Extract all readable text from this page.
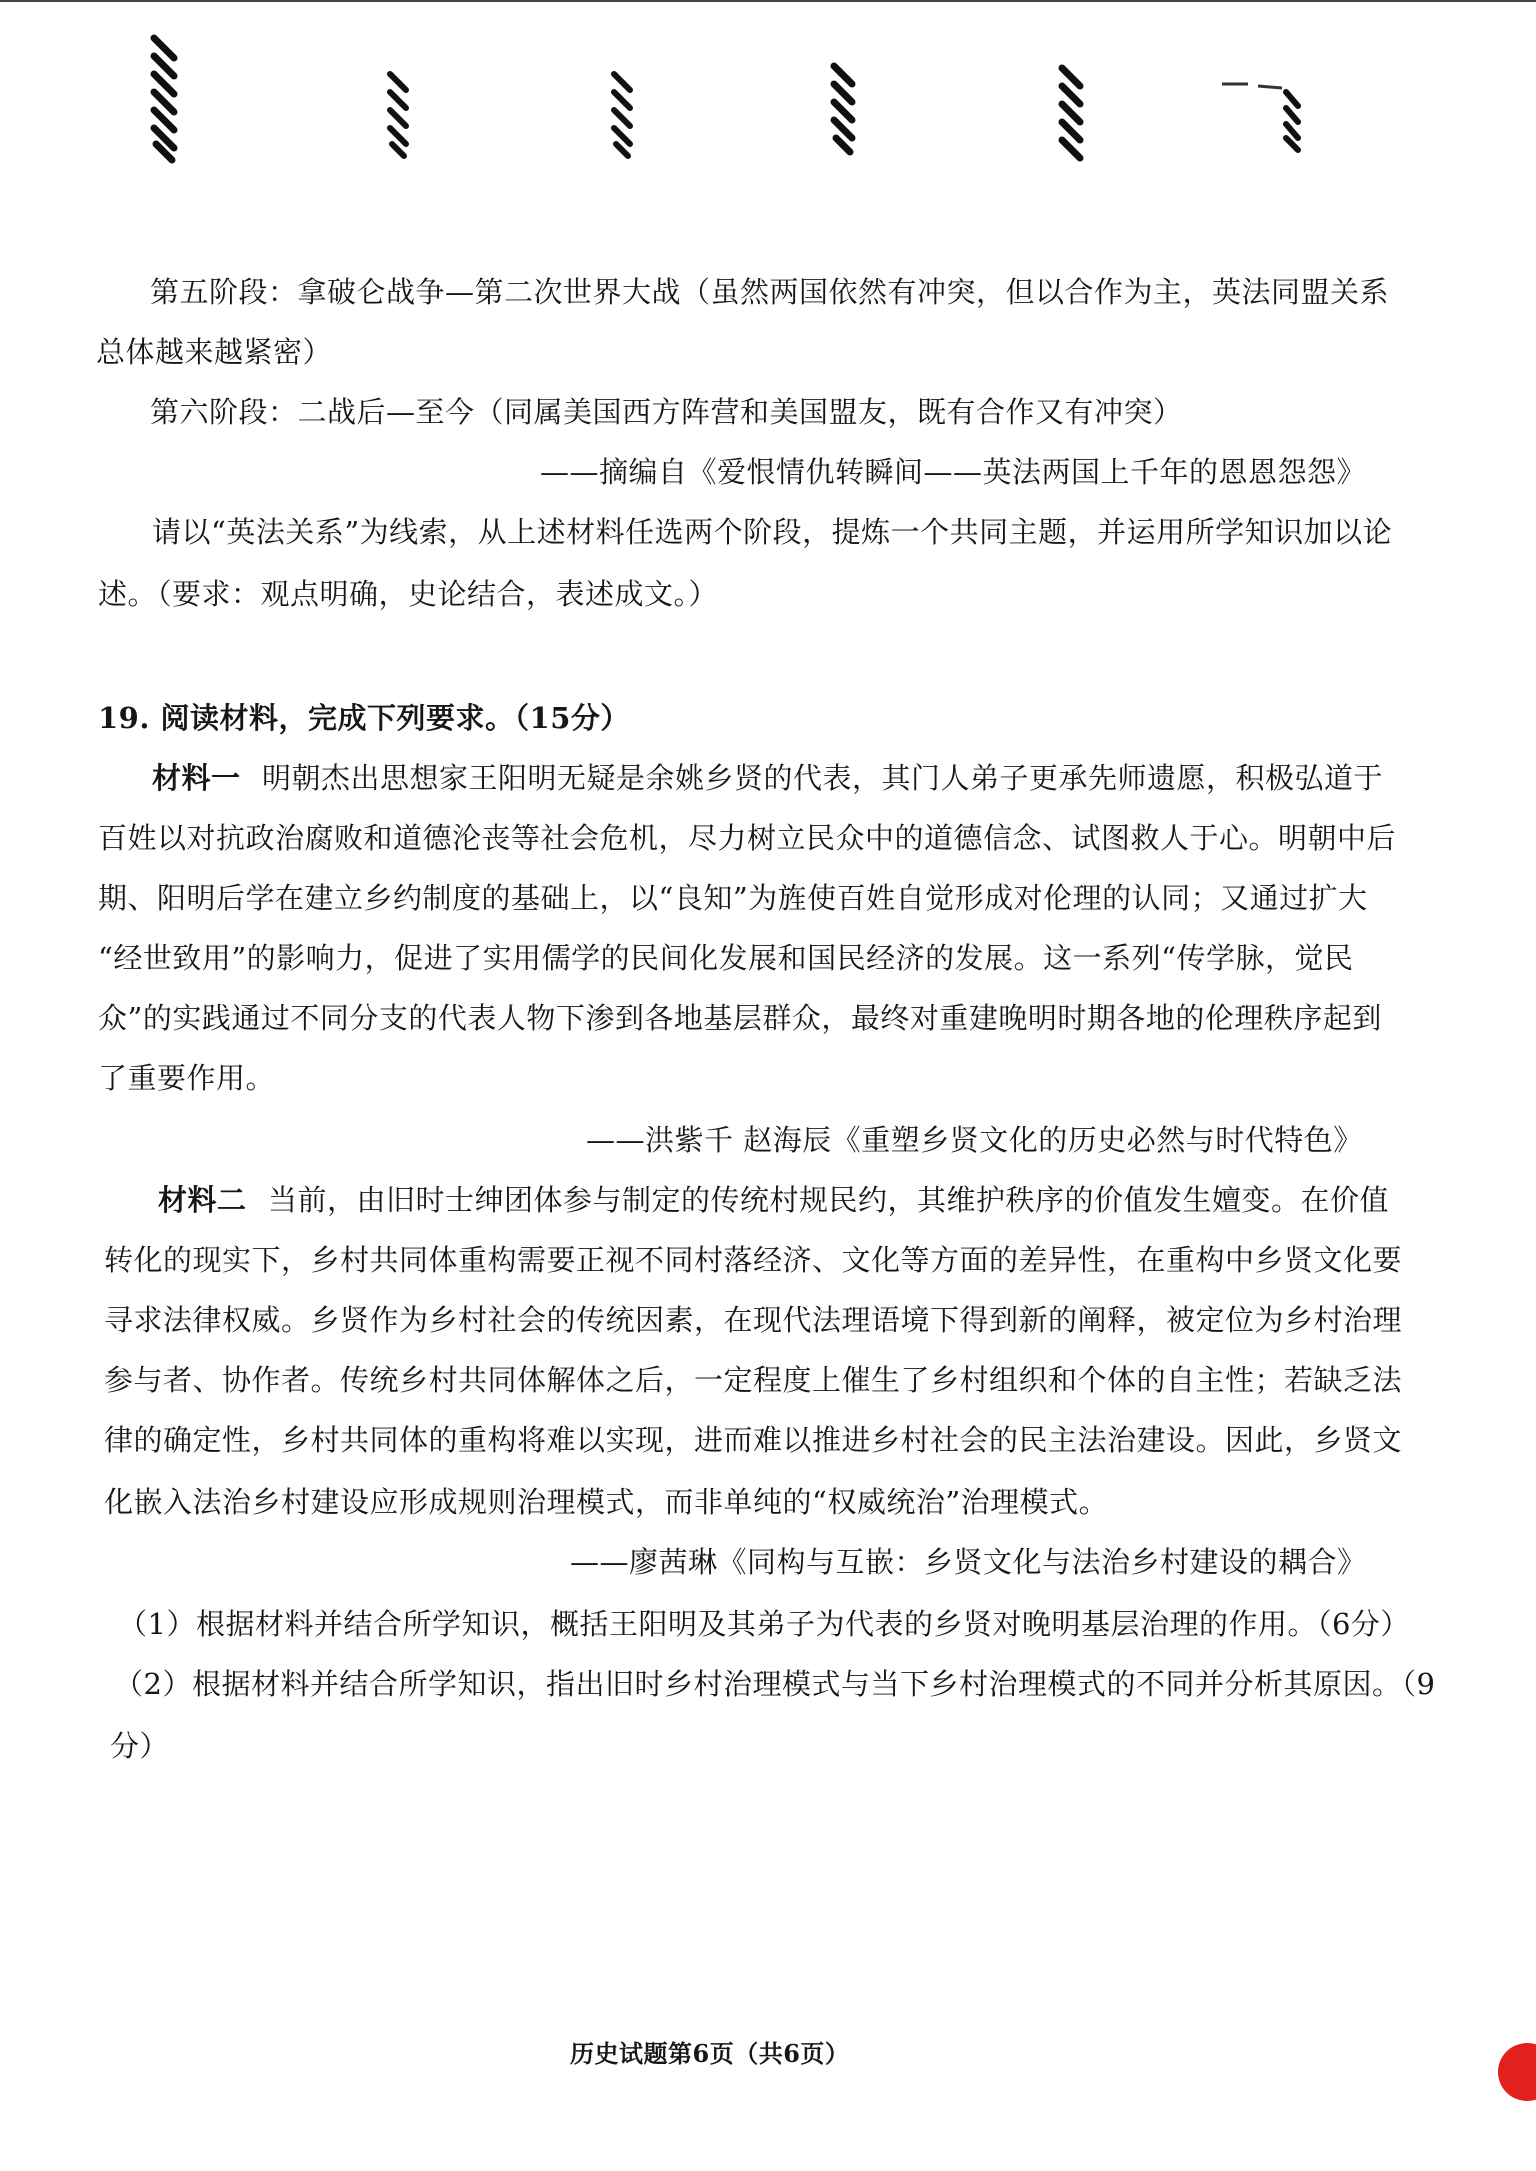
第五阶段：拿破仑战争—第二次世界大战（虽然两国依然有冲突，但以合作为主，英法同盟关系
总体越来越紧密）
第六阶段：二战后—至今（同属美国西方阵营和美国盟友，既有合作又有冲突）
——摘编自《爱恨情仇转瞬间——英法两国上千年的恩恩怨怨》
请以“英法关系”为线索，从上述材料任选两个阶段，提炼一个共同主题，并运用所学知识加以论
述。（要求：观点明确，史论结合，表述成文。）
19. 阅读材料，完成下列要求。（15分）
材料一 明朝杰出思想家王阳明无疑是余姚乡贤的代表，其门人弟子更承先师遗愿，积极弘道于
百姓以对抗政治腐败和道德沦丧等社会危机，尽力树立民众中的道德信念、试图救人于心。明朝中后
期、阳明后学在建立乡约制度的基础上，以“良知”为旌使百姓自觉形成对伦理的认同；又通过扩大
“经世致用”的影响力，促进了实用儒学的民间化发展和国民经济的发展。这一系列“传学脉，觉民
众”的实践通过不同分支的代表人物下渗到各地基层群众，最终对重建晚明时期各地的伦理秩序起到
了重要作用。
——洪紫千 赵海辰《重塑乡贤文化的历史必然与时代特色》
材料二 当前，由旧时士绅团体参与制定的传统村规民约，其维护秩序的价值发生嬗变。在价值
转化的现实下，乡村共同体重构需要正视不同村落经济、文化等方面的差异性，在重构中乡贤文化要
寻求法律权威。乡贤作为乡村社会的传统因素，在现代法理语境下得到新的阐释，被定位为乡村治理
参与者、协作者。传统乡村共同体解体之后，一定程度上催生了乡村组织和个体的自主性；若缺乏法
律的确定性，乡村共同体的重构将难以实现，进而难以推进乡村社会的民主法治建设。因此，乡贤文
化嵌入法治乡村建设应形成规则治理模式，而非单纯的“权威统治”治理模式。
——廖茜琳《同构与互嵌：乡贤文化与法治乡村建设的耦合》
（1）根据材料并结合所学知识，概括王阳明及其弟子为代表的乡贤对晚明基层治理的作用。（6分）
（2）根据材料并结合所学知识，指出旧时乡村治理模式与当下乡村治理模式的不同并分析其原因。（9
分）
历史试题第6页（共6页）
